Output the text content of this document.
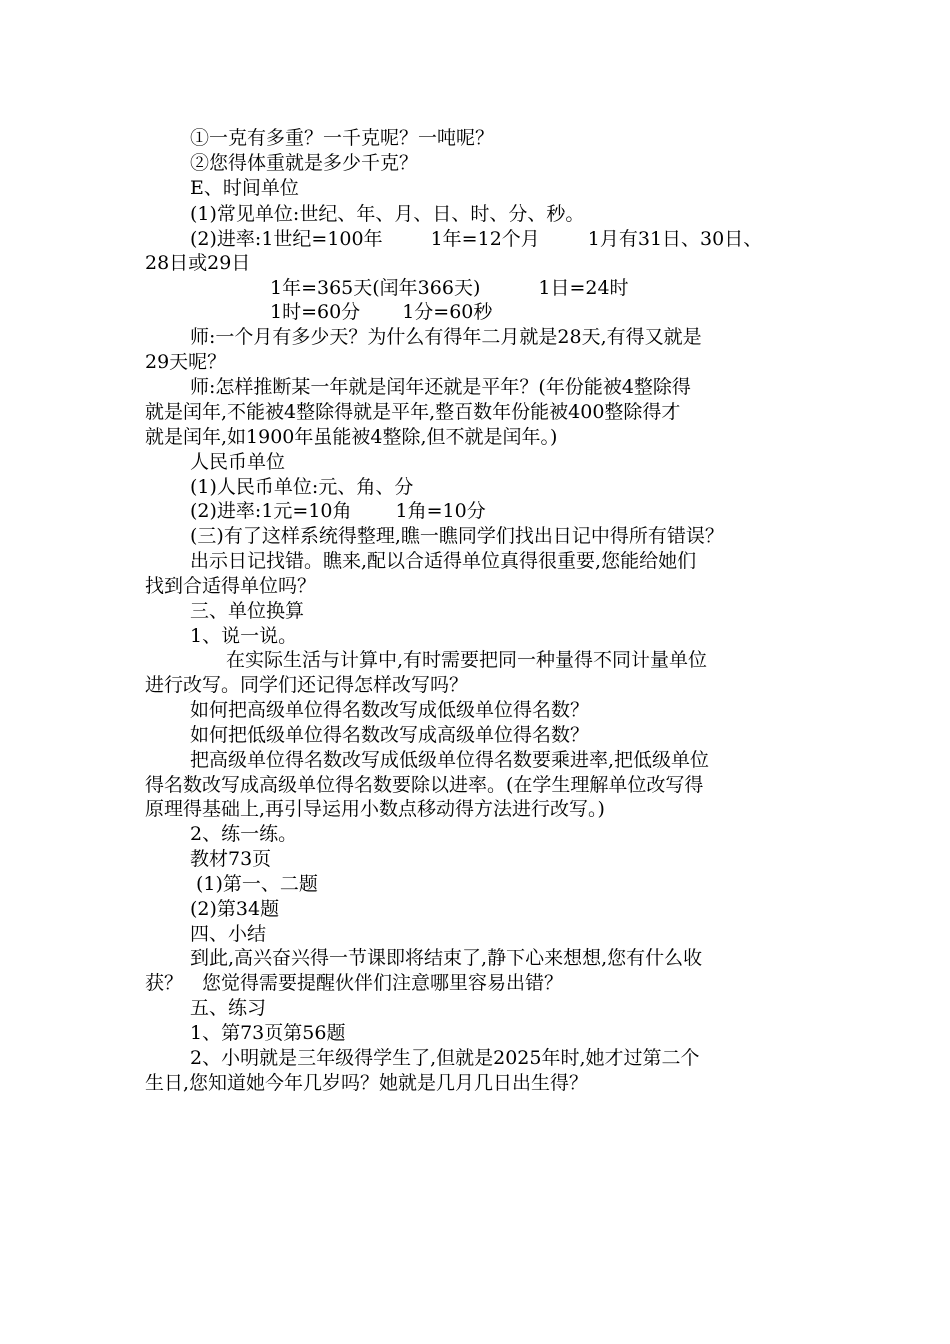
①一克有多重？一千克呢？一吨呢？
②您得体重就是多少千克？
E、时间单位
(1)常见单位:世纪、年、月、日、时、分、秒。
(2)进率:1世纪=100年	1年=12个月	1月有31日、30日、
28日或29日
1年=365天(闰年366天)	1日=24时
1时=60分 1分=60秒
师:一个月有多少天？为什么有得年二月就是28天,有得又就是
29天呢？
师:怎样推断某一年就是闰年还就是平年？(年份能被4整除得
就是闰年,不能被4整除得就是平年,整百数年份能被400整除得才
就是闰年,如1900年虽能被4整除,但不就是闰年。)
人民币单位
(1)人民币单位:元、角、分
(2)进率:1元=10角 1角=10分
(三)有了这样系统得整理,瞧一瞧同学们找出日记中得所有错误？
出示日记找错。瞧来,配以合适得单位真得很重要,您能给她们
找到合适得单位吗？
三、单位换算
1、说一说。
在实际生活与计算中,有时需要把同一种量得不同计量单位
进行改写。同学们还记得怎样改写吗？
如何把高级单位得名数改写成低级单位得名数？
如何把低级单位得名数改写成高级单位得名数？
把高级单位得名数改写成低级单位得名数要乘进率,把低级单位
得名数改写成高级单位得名数要除以进率。(在学生理解单位改写得
原理得基础上,再引导运用小数点移动得方法进行改写。)
2、练一练。
教材73页
(1)第一、二题
(2)第34题
四、小结
到此,高兴奋兴得一节课即将结束了,静下心来想想,您有什么收
获？　您觉得需要提醒伙伴们注意哪里容易出错？
五、练习
1、第73页第56题
2、小明就是三年级得学生了,但就是2025年时,她才过第二个
生日,您知道她今年几岁吗？她就是几月几日出生得？
